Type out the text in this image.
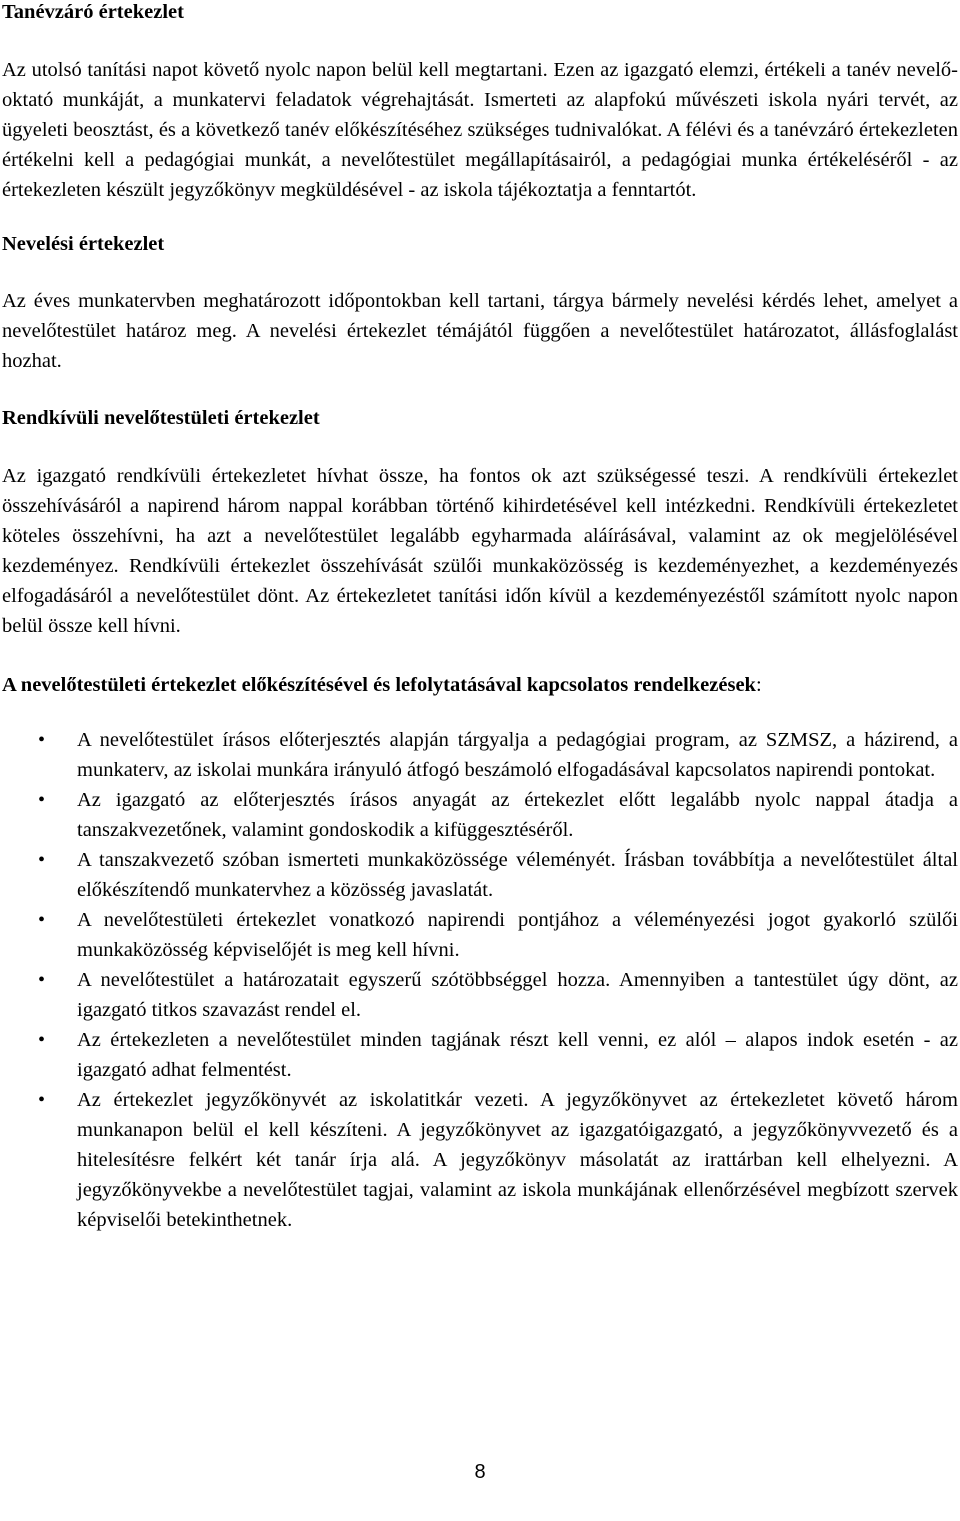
Tanévzáró értekezlet

Az utolsó tanítási napot követő nyolc napon belül kell megtartani. Ezen az igazgató elemzi, értékeli a tanév nevelő-oktató munkáját, a munkatervi feladatok végrehajtását. Ismerteti az alapfokú művészeti iskola nyári tervét, az ügyeleti beosztást, és a következő tanév előkészítéséhez szükséges tudnivalókat. A félévi és a tanévzáró értekezleten értékelni kell a pedagógiai munkát, a nevelőtestület megállapításairól, a pedagógiai munka értékeléséről - az értekezleten készült jegyzőkönyv megküldésével - az iskola tájékoztatja a fenntartót.

Nevelési értekezlet

Az éves munkatervben meghatározott időpontokban kell tartani, tárgya bármely nevelési kérdés lehet, amelyet a nevelőtestület határoz meg. A nevelési értekezlet témájától függően a nevelőtestület határozatot, állásfoglalást hozhat.

Rendkívüli nevelőtestületi értekezlet

Az igazgató rendkívüli értekezletet hívhat össze, ha fontos ok azt szükségessé teszi. A rendkívüli értekezlet összehívásáról a napirend három nappal korábban történő kihirdetésével kell intézkedni. Rendkívüli értekezletet köteles összehívni, ha azt a nevelőtestület legalább egyharmada aláírásával, valamint az ok megjelölésével kezdeményez. Rendkívüli értekezlet összehívását szülői munkaközösség is kezdeményezhet, a kezdeményezés elfogadásáról a nevelőtestület dönt. Az értekezletet tanítási időn kívül a kezdeményezéstől számított nyolc napon belül össze kell hívni.

A nevelőtestületi értekezlet előkészítésével és lefolytatásával kapcsolatos rendelkezések:
• A nevelőtestület írásos előterjesztés alapján tárgyalja a pedagógiai program, az SZMSZ, a házirend, a munkaterv, az iskolai munkára irányuló átfogó beszámoló elfogadásával kapcsolatos napirendi pontokat.
• Az igazgató az előterjesztés írásos anyagát az értekezlet előtt legalább nyolc nappal átadja a tanszakvezetőnek, valamint gondoskodik a kifüggesztéséről.
• A tanszakvezető szóban ismerteti munkaközössége véleményét. Írásban továbbítja a nevelőtestület által előkészítendő munkatervhez a közösség javaslatát.
• A nevelőtestületi értekezlet vonatkozó napirendi pontjához a véleményezési jogot gyakorló szülői munkaközösség képviselőjét is meg kell hívni.
• A nevelőtestület a határozatait egyszerű szótöbbséggel hozza. Amennyiben a tantestület úgy dönt, az igazgató titkos szavazást rendel el.
• Az értekezleten a nevelőtestület minden tagjának részt kell venni, ez alól – alapos indok esetén - az igazgató adhat felmentést.
• Az értekezlet jegyzőkönyvét az iskolatitkár vezeti. A jegyzőkönyvet az értekezletet követő három munkanapon belül el kell készíteni. A jegyzőkönyvet az igazgatóigazgató, a jegyzőkönyvvezető és a hitelesítésre felkért két tanár írja alá. A jegyzőkönyv másolatát az irattárban kell elhelyezni. A jegyzőkönyvekbe a nevelőtestület tagjai, valamint az iskola munkájának ellenőrzésével megbízott szervek képviselői betekinthetnek.
8
